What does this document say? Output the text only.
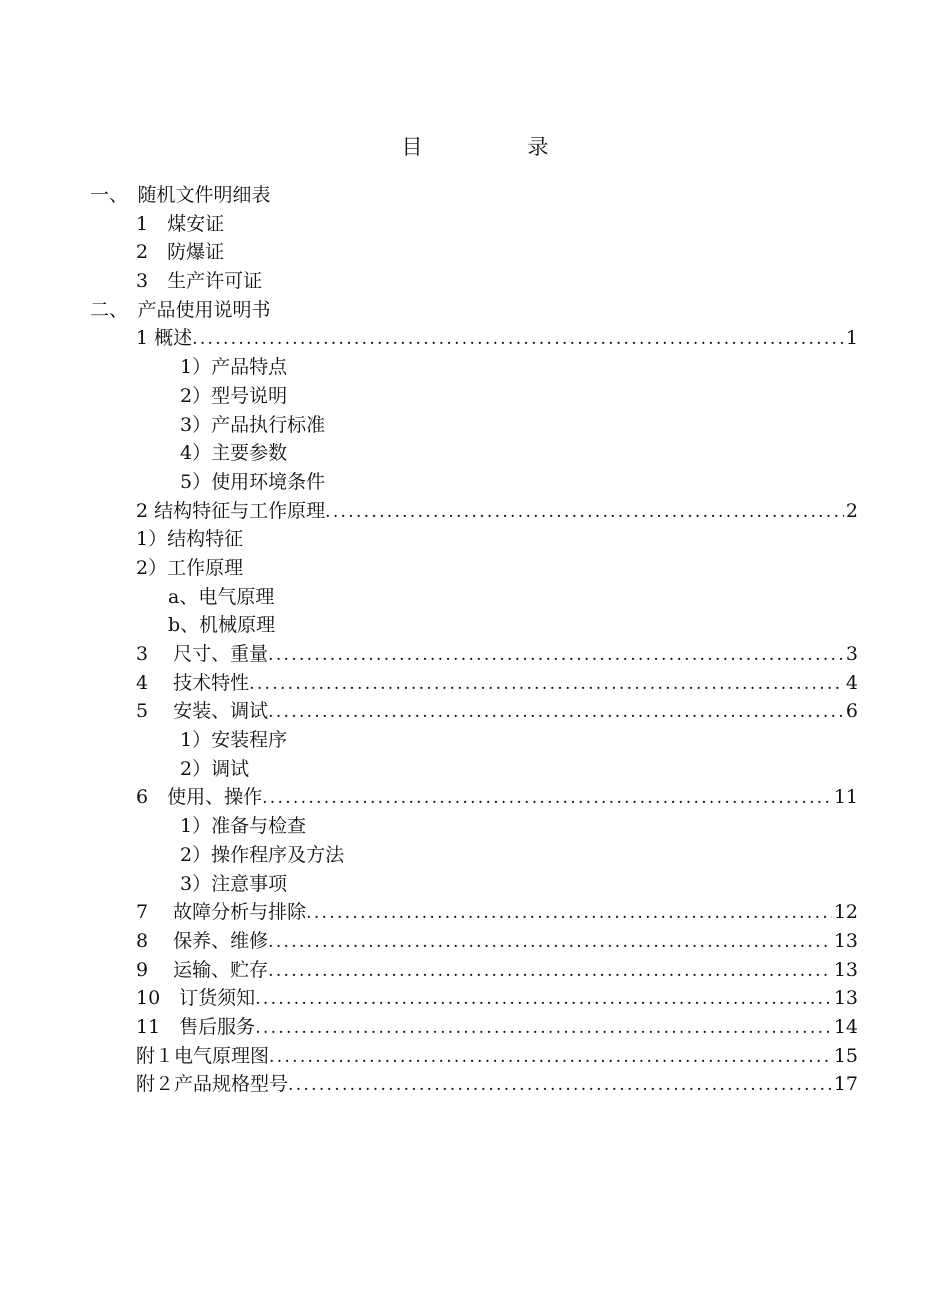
目　录
一、　随机文件明细表
1　煤安证
2　防爆证
3　生产许可证
二、　产品使用说明书
1 概述 .....	1
1）产品特点
2）型号说明
3）产品执行标准
4）主要参数
5）使用环境条件
2 结构特征与工作原理 .....	2
1）结构特征
2）工作原理
a、电气原理
b、机械原理
3　 尺寸、重量 .....	3
4　 技术特性 .....	4
5　 安装、调试 .....	6
1）安装程序
2）调试
6　使用、操作 .....	11
1）准备与检查
2）操作程序及方法
3）注意事项
7　 故障分析与排除 .....	12
8　 保养、维修 .....	13
9　 运输、贮存 .....	13
10　订货须知 .....	13
11　售后服务 .....	14
附１电气原理图 .....	15
附２产品规格型号 .....	17
